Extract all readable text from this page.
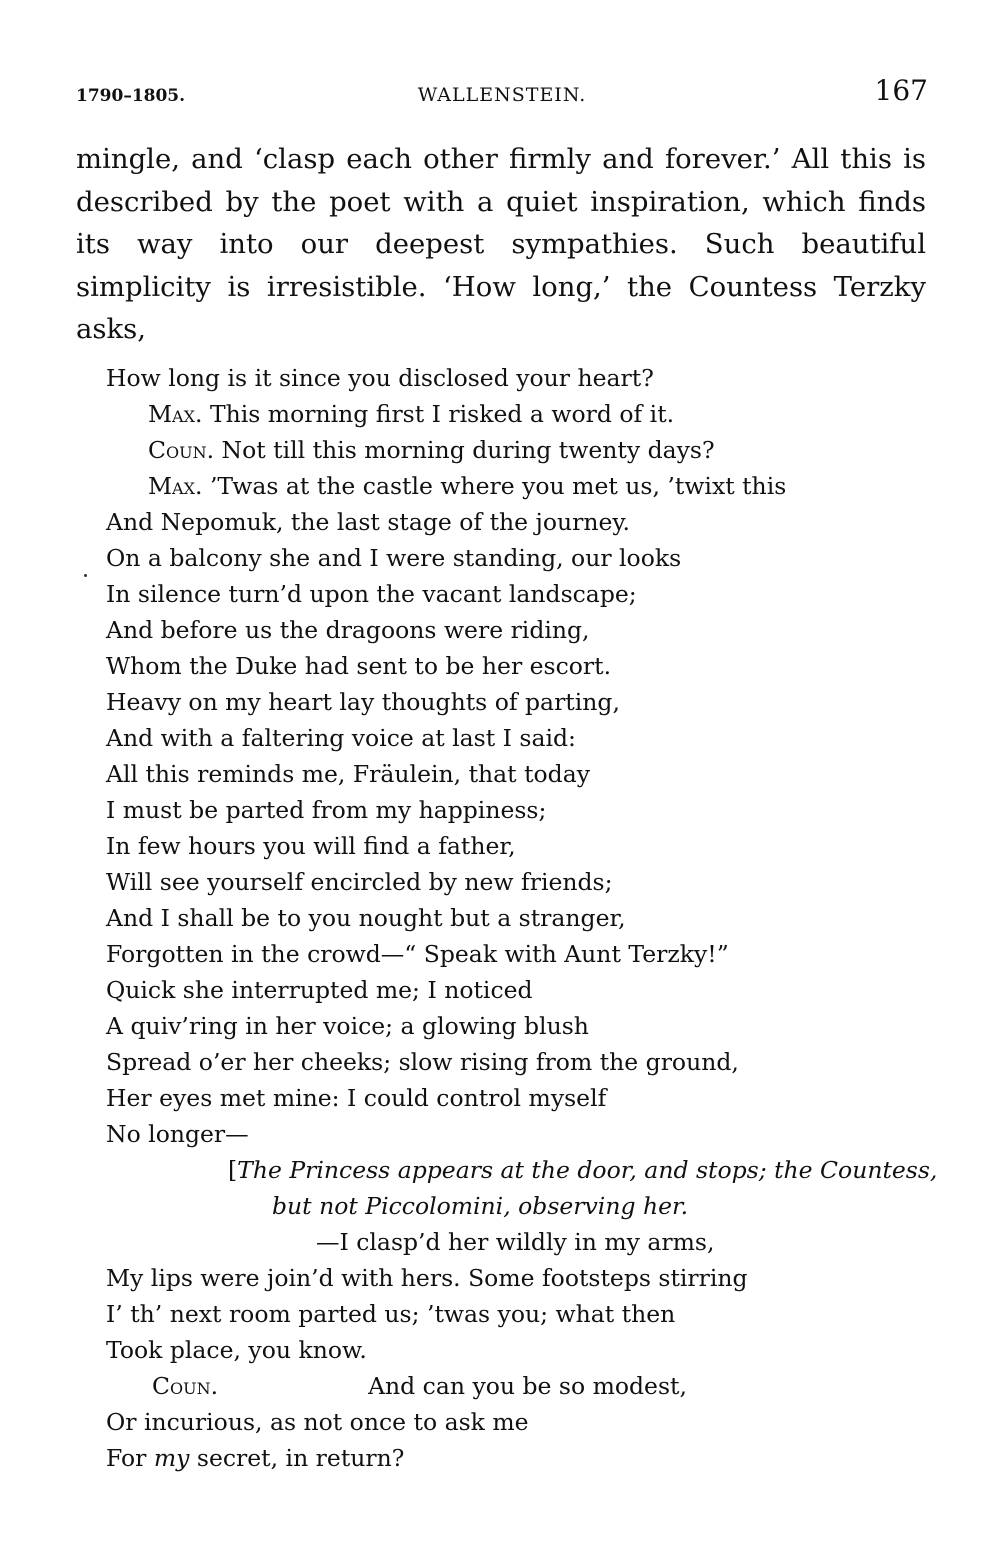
1790–1805.	WALLENSTEIN.	167
mingle, and ‘clasp each other firmly and forever.’ All this is described by the poet with a quiet inspiration, which finds its way into our deepest sympathies. Such beautiful simplicity is irresistible. ‘How long,’ the Countess Terzky asks,
How long is it since you disclosed your heart?
Max. This morning first I risked a word of it.
Coun. Not till this morning during twenty days?
Max. ’Twas at the castle where you met us, ’twixt this
And Nepomuk, the last stage of the journey.
On a balcony she and I were standing, our looks
In silence turn’d upon the vacant landscape;
And before us the dragoons were riding,
Whom the Duke had sent to be her escort.
Heavy on my heart lay thoughts of parting,
And with a faltering voice at last I said:
All this reminds me, Fräulein, that today
I must be parted from my happiness;
In few hours you will find a father,
Will see yourself encircled by new friends;
And I shall be to you nought but a stranger,
Forgotten in the crowd—“ Speak with Aunt Terzky!”
Quick she interrupted me; I noticed
A quiv’ring in her voice; a glowing blush
Spread o’er her cheeks; slow rising from the ground,
Her eyes met mine: I could control myself
No longer—
[The Princess appears at the door, and stops; the Countess,
but not Piccolomini, observing her.
—I clasp’d her wildly in my arms,
My lips were join’d with hers. Some footsteps stirring
I’ th’ next room parted us; ’twas you; what then
Took place, you know.
Coun.	And can you be so modest,
Or incurious, as not once to ask me
For my secret, in return?
